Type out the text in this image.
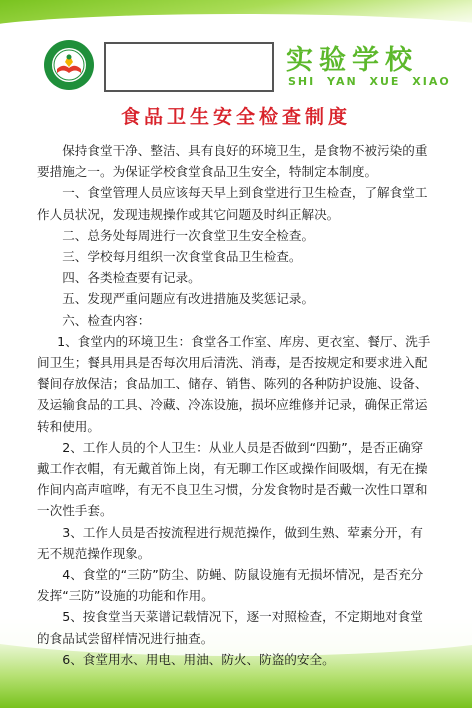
实验学校
SHI YAN XUE XIAO
食品卫生安全检查制度

保持食堂干净、整洁、具有良好的环境卫生，是食物不被污染的重要措施之一。为保证学校食堂食品卫生安全，特制定本制度。

一、食堂管理人员应该每天早上到食堂进行卫生检查，了解食堂工作人员状况，发现违规操作或其它问题及时纠正解决。

二、总务处每周进行一次食堂卫生安全检查。

三、学校每月组织一次食堂食品卫生检查。

四、各类检查要有记录。

五、发现严重问题应有改进措施及奖惩记录。

六、检查内容：

1、食堂内的环境卫生：食堂各工作室、库房、更衣室、餐厅、洗手间卫生；餐具用具是否每次用后清洗、消毒，是否按规定和要求进入配餐间存放保洁；食品加工、储存、销售、陈列的各种防护设施、设备、及运输食品的工具、冷藏、冷冻设施，损坏应维修并记录，确保正常运转和使用。

2、工作人员的个人卫生：从业人员是否做到“四勤”，是否正确穿戴工作衣帽，有无戴首饰上岗，有无聊工作区或操作间吸烟，有无在操作间内高声喧哗，有无不良卫生习惯，分发食物时是否戴一次性口罩和一次性手套。

3、工作人员是否按流程进行规范操作，做到生熟、荤素分开，有无不规范操作现象。

4、食堂的“三防”防尘、防蝇、防鼠设施有无损坏情况，是否充分发挥“三防”设施的功能和作用。

5、按食堂当天菜谱记载情况下，逐一对照检查，不定期地对食堂的食品试尝留样情况进行抽查。

6、食堂用水、用电、用油、防火、防盗的安全。
